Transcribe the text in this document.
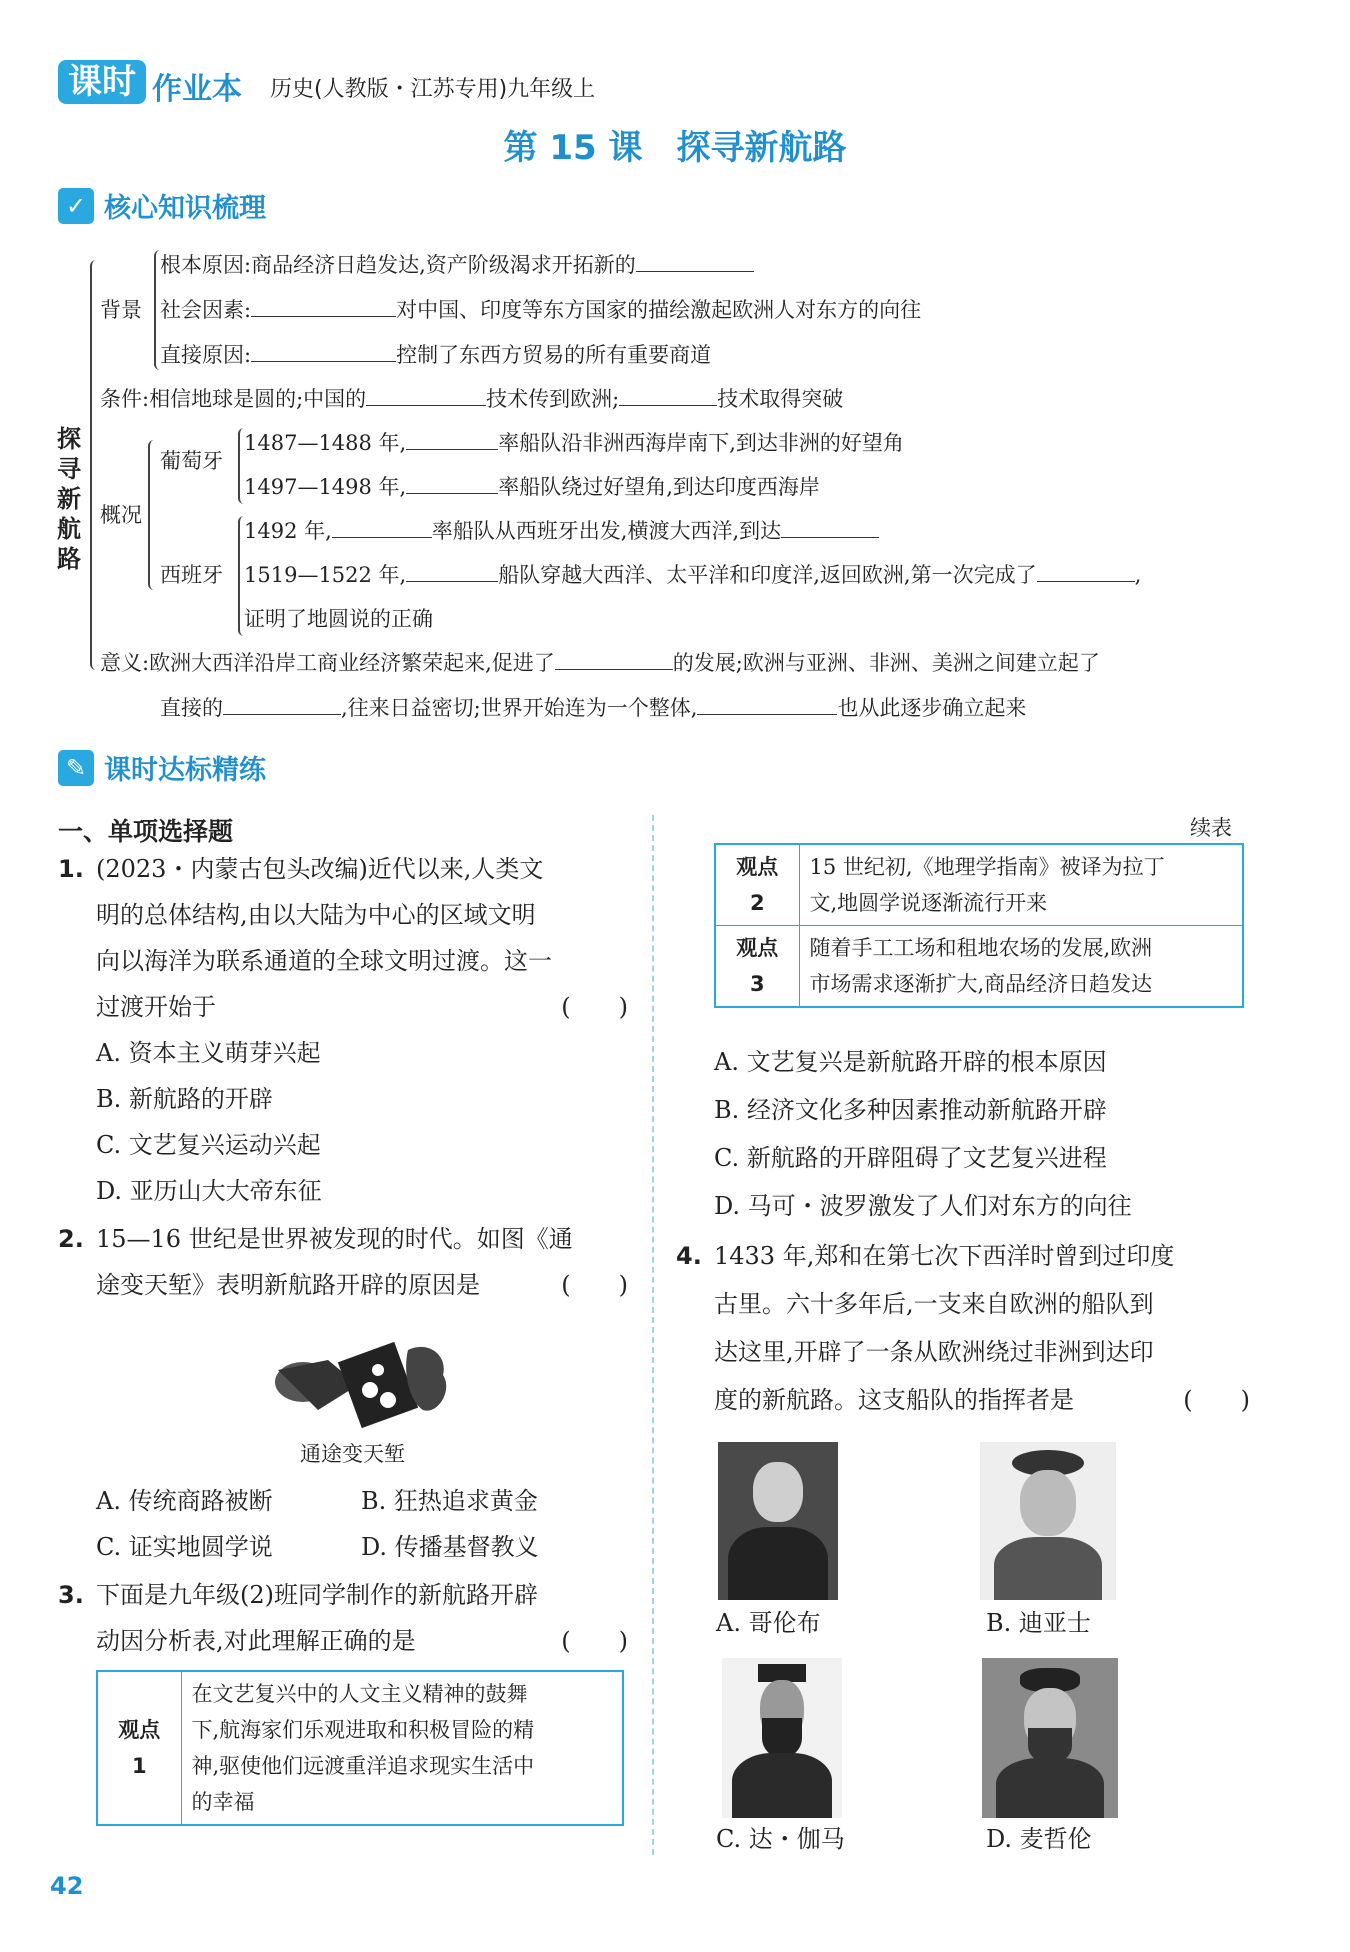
课时 作业本 历史(人教版・江苏专用)九年级上
第 15 课　探寻新航路
✓ 核心知识梳理
探寻新航路
背景
根本原因:商品经济日趋发达,资产阶级渴求开拓新的
社会因素:	对中国、印度等东方国家的描绘激起欧洲人对东方的向往
直接原因:	控制了东西方贸易的所有重要商道
条件:相信地球是圆的;中国的	技术传到欧洲;	技术取得突破
概况
葡萄牙
1487—1488 年,	率船队沿非洲西海岸南下,到达非洲的好望角
1497—1498 年,	率船队绕过好望角,到达印度西海岸
西班牙
1492 年,	率船队从西班牙出发,横渡大西洋,到达
1519—1522 年,	船队穿越大西洋、太平洋和印度洋,返回欧洲,第一次完成了	,
证明了地圆说的正确
意义:欧洲大西洋沿岸工商业经济繁荣起来,促进了	的发展;欧洲与亚洲、非洲、美洲之间建立起了
直接的	,往来日益密切;世界开始连为一个整体,	也从此逐步确立起来
✎ 课时达标精练
一、单项选择题
1. (2023・内蒙古包头改编)近代以来,人类文
明的总体结构,由以大陆为中心的区域文明
向以海洋为联系通道的全球文明过渡。这一
过渡开始于	(　　)
A. 资本主义萌芽兴起
B. 新航路的开辟
C. 文艺复兴运动兴起
D. 亚历山大大帝东征
2. 15—16 世纪是世界被发现的时代。如图《通
途变天堑》表明新航路开辟的原因是	(　　)
通途变天堑
A. 传统商路被断	B. 狂热追求黄金
C. 证实地圆学说	D. 传播基督教义
3. 下面是九年级(2)班同学制作的新航路开辟
动因分析表,对此理解正确的是	(　　)
观点 1	
在文艺复兴中的人文主义精神的鼓舞
下,航海家们乐观进取和积极冒险的精
神,驱使他们远渡重洋追求现实生活中
的幸福
续表
观点 2	15 世纪初,《地理学指南》被译为拉丁
文,地圆学说逐渐流行开来

观点 3	随着手工工场和租地农场的发展,欧洲
市场需求逐渐扩大,商品经济日趋发达
A. 文艺复兴是新航路开辟的根本原因
B. 经济文化多种因素推动新航路开辟
C. 新航路的开辟阻碍了文艺复兴进程
D. 马可・波罗激发了人们对东方的向往
4. 1433 年,郑和在第七次下西洋时曾到过印度
古里。六十多年后,一支来自欧洲的船队到
达这里,开辟了一条从欧洲绕过非洲到达印
度的新航路。这支船队的指挥者是	(　　)
A. 哥伦布	B. 迪亚士
C. 达・伽马	D. 麦哲伦
42
